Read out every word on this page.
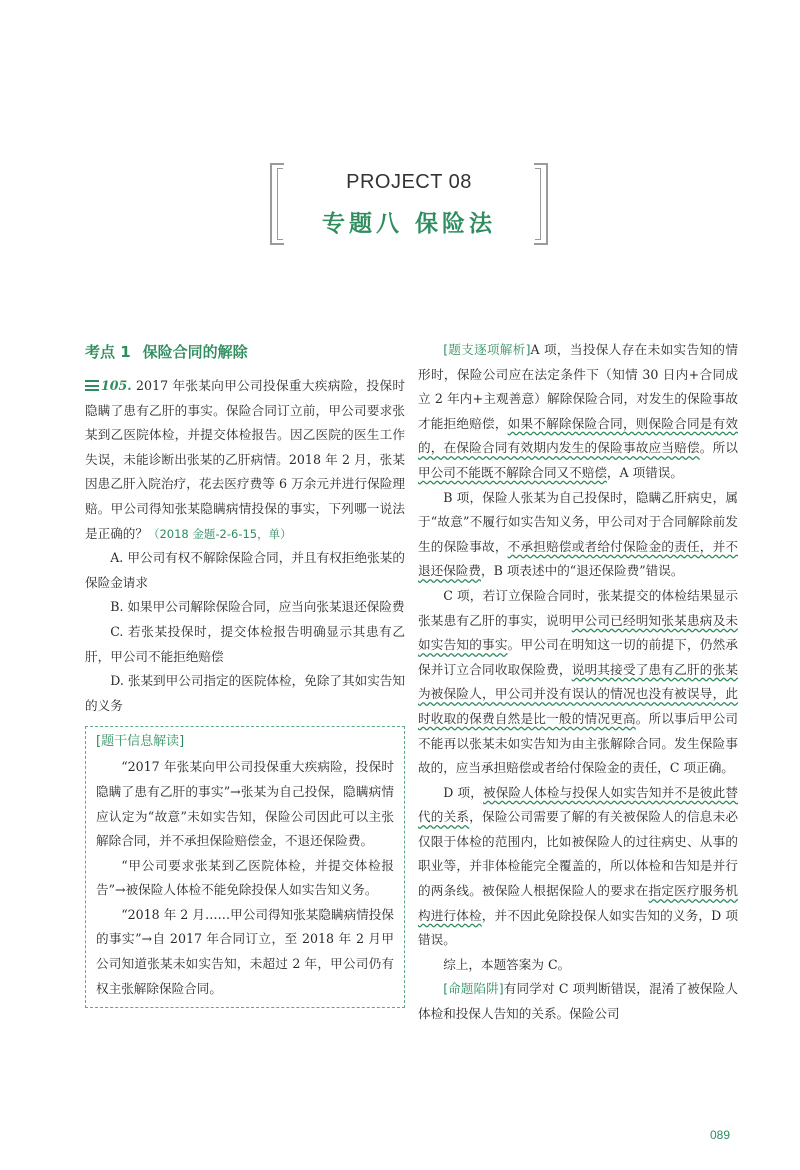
PROJECT 08
专题八 保险法
考点 1 保险合同的解除

105. 2017 年张某向甲公司投保重大疾病险，投保时隐瞒了患有乙肝的事实。保险合同订立前，甲公司要求张某到乙医院体检，并提交体检报告。因乙医院的医生工作失误，未能诊断出张某的乙肝病情。2018 年 2 月，张某因患乙肝入院治疗，花去医疗费等 6 万余元并进行保险理赔。甲公司得知张某隐瞒病情投保的事实，下列哪一说法是正确的？（2018 金题-2-6-15，单）

A. 甲公司有权不解除保险合同，并且有权拒绝张某的保险金请求

B. 如果甲公司解除保险合同，应当向张某退还保险费

C. 若张某投保时，提交体检报告明确显示其患有乙肝，甲公司不能拒绝赔偿

D. 张某到甲公司指定的医院体检，免除了其如实告知的义务

[题干信息解读]

“2017 年张某向甲公司投保重大疾病险，投保时隐瞒了患有乙肝的事实”→张某为自己投保，隐瞒病情应认定为“故意”未如实告知，保险公司因此可以主张解除合同，并不承担保险赔偿金，不退还保险费。

“甲公司要求张某到乙医院体检，并提交体检报告”→被保险人体检不能免除投保人如实告知义务。

“2018 年 2 月……甲公司得知张某隐瞒病情投保的事实”→自 2017 年合同订立，至 2018 年 2 月甲公司知道张某未如实告知，未超过 2 年，甲公司仍有权主张解除保险合同。

[题支逐项解析]A 项，当投保人存在未如实告知的情形时，保险公司应在法定条件下（知情 30 日内+合同成立 2 年内+主观善意）解除保险合同，对发生的保险事故才能拒绝赔偿，如果不解除保险合同，则保险合同是有效的，在保险合同有效期内发生的保险事故应当赔偿。所以甲公司不能既不解除合同又不赔偿，A 项错误。

B 项，保险人张某为自己投保时，隐瞒乙肝病史，属于“故意”不履行如实告知义务，甲公司对于合同解除前发生的保险事故，不承担赔偿或者给付保险金的责任，并不退还保险费，B 项表述中的“退还保险费”错误。

C 项，若订立保险合同时，张某提交的体检结果显示张某患有乙肝的事实，说明甲公司已经明知张某患病及未如实告知的事实。甲公司在明知这一切的前提下，仍然承保并订立合同收取保险费，说明其接受了患有乙肝的张某为被保险人，甲公司并没有误认的情况也没有被误导，此时收取的保费自然是比一般的情况更高。所以事后甲公司不能再以张某未如实告知为由主张解除合同。发生保险事故的，应当承担赔偿或者给付保险金的责任，C 项正确。

D 项，被保险人体检与投保人如实告知并不是彼此替代的关系，保险公司需要了解的有关被保险人的信息未必仅限于体检的范围内，比如被保险人的过往病史、从事的职业等，并非体检能完全覆盖的，所以体检和告知是并行的两条线。被保险人根据保险人的要求在指定医疗服务机构进行体检，并不因此免除投保人如实告知的义务，D 项错误。

综上，本题答案为 C。

[命题陷阱]有同学对 C 项判断错误，混淆了被保险人体检和投保人告知的关系。保险公司

089
